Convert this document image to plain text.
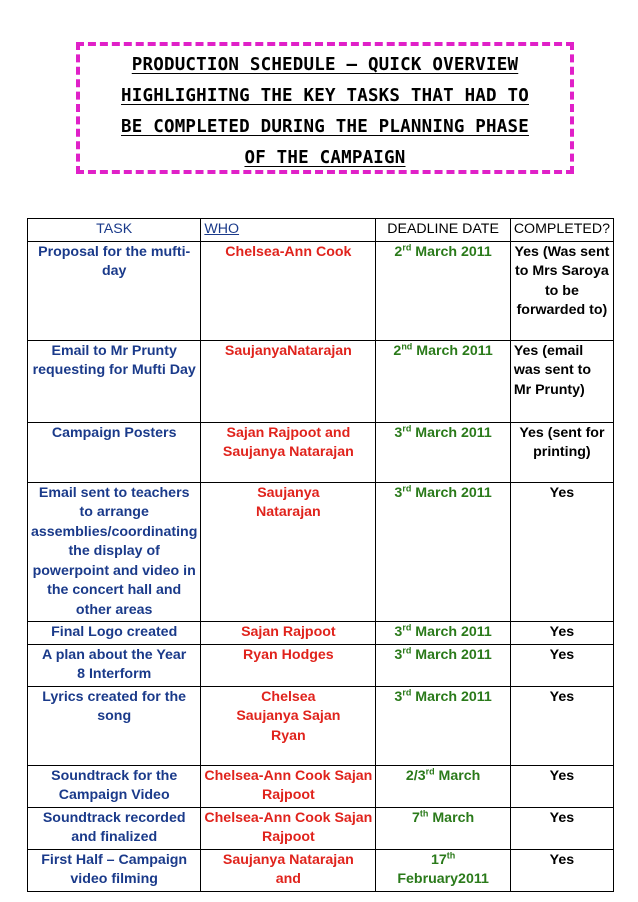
PRODUCTION SCHEDULE – QUICK OVERVIEW
HIGHLIGHITNG THE KEY TASKS THAT HAD TO
BE COMPLETED DURING THE PLANNING PHASE
OF THE CAMPAIGN
TASK	WHO	DEADLINE DATE	COMPLETED?
Proposal for the mufti-day	Chelsea-Ann Cook	2rd March 2011	Yes (Was sent to Mrs Saroya to be forwarded to)
Email to Mr Prunty requesting for Mufti Day	SaujanyaNatarajan	2nd March 2011	Yes (email was sent to Mr Prunty)
Campaign Posters	Sajan Rajpoot and Saujanya Natarajan	3rd March 2011	Yes (sent for printing)
Email sent to teachers to arrange assemblies/coordinating the display of powerpoint and video in the concert hall and other areas	Saujanya Natarajan	3rd March 2011	Yes
Final Logo created	Sajan Rajpoot	3rd March 2011	Yes
A plan about the Year 8 Interform	Ryan Hodges	3rd March 2011	Yes
Lyrics created for the song	Chelsea Saujanya Sajan Ryan	3rd March 2011	Yes
Soundtrack for the Campaign Video	Chelsea-Ann Cook Sajan Rajpoot	2/3rd March	Yes
Soundtrack recorded and finalized	Chelsea-Ann Cook Sajan Rajpoot	7th March	Yes
First Half – Campaign video filming	Saujanya Natarajan and	17th February2011	Yes
